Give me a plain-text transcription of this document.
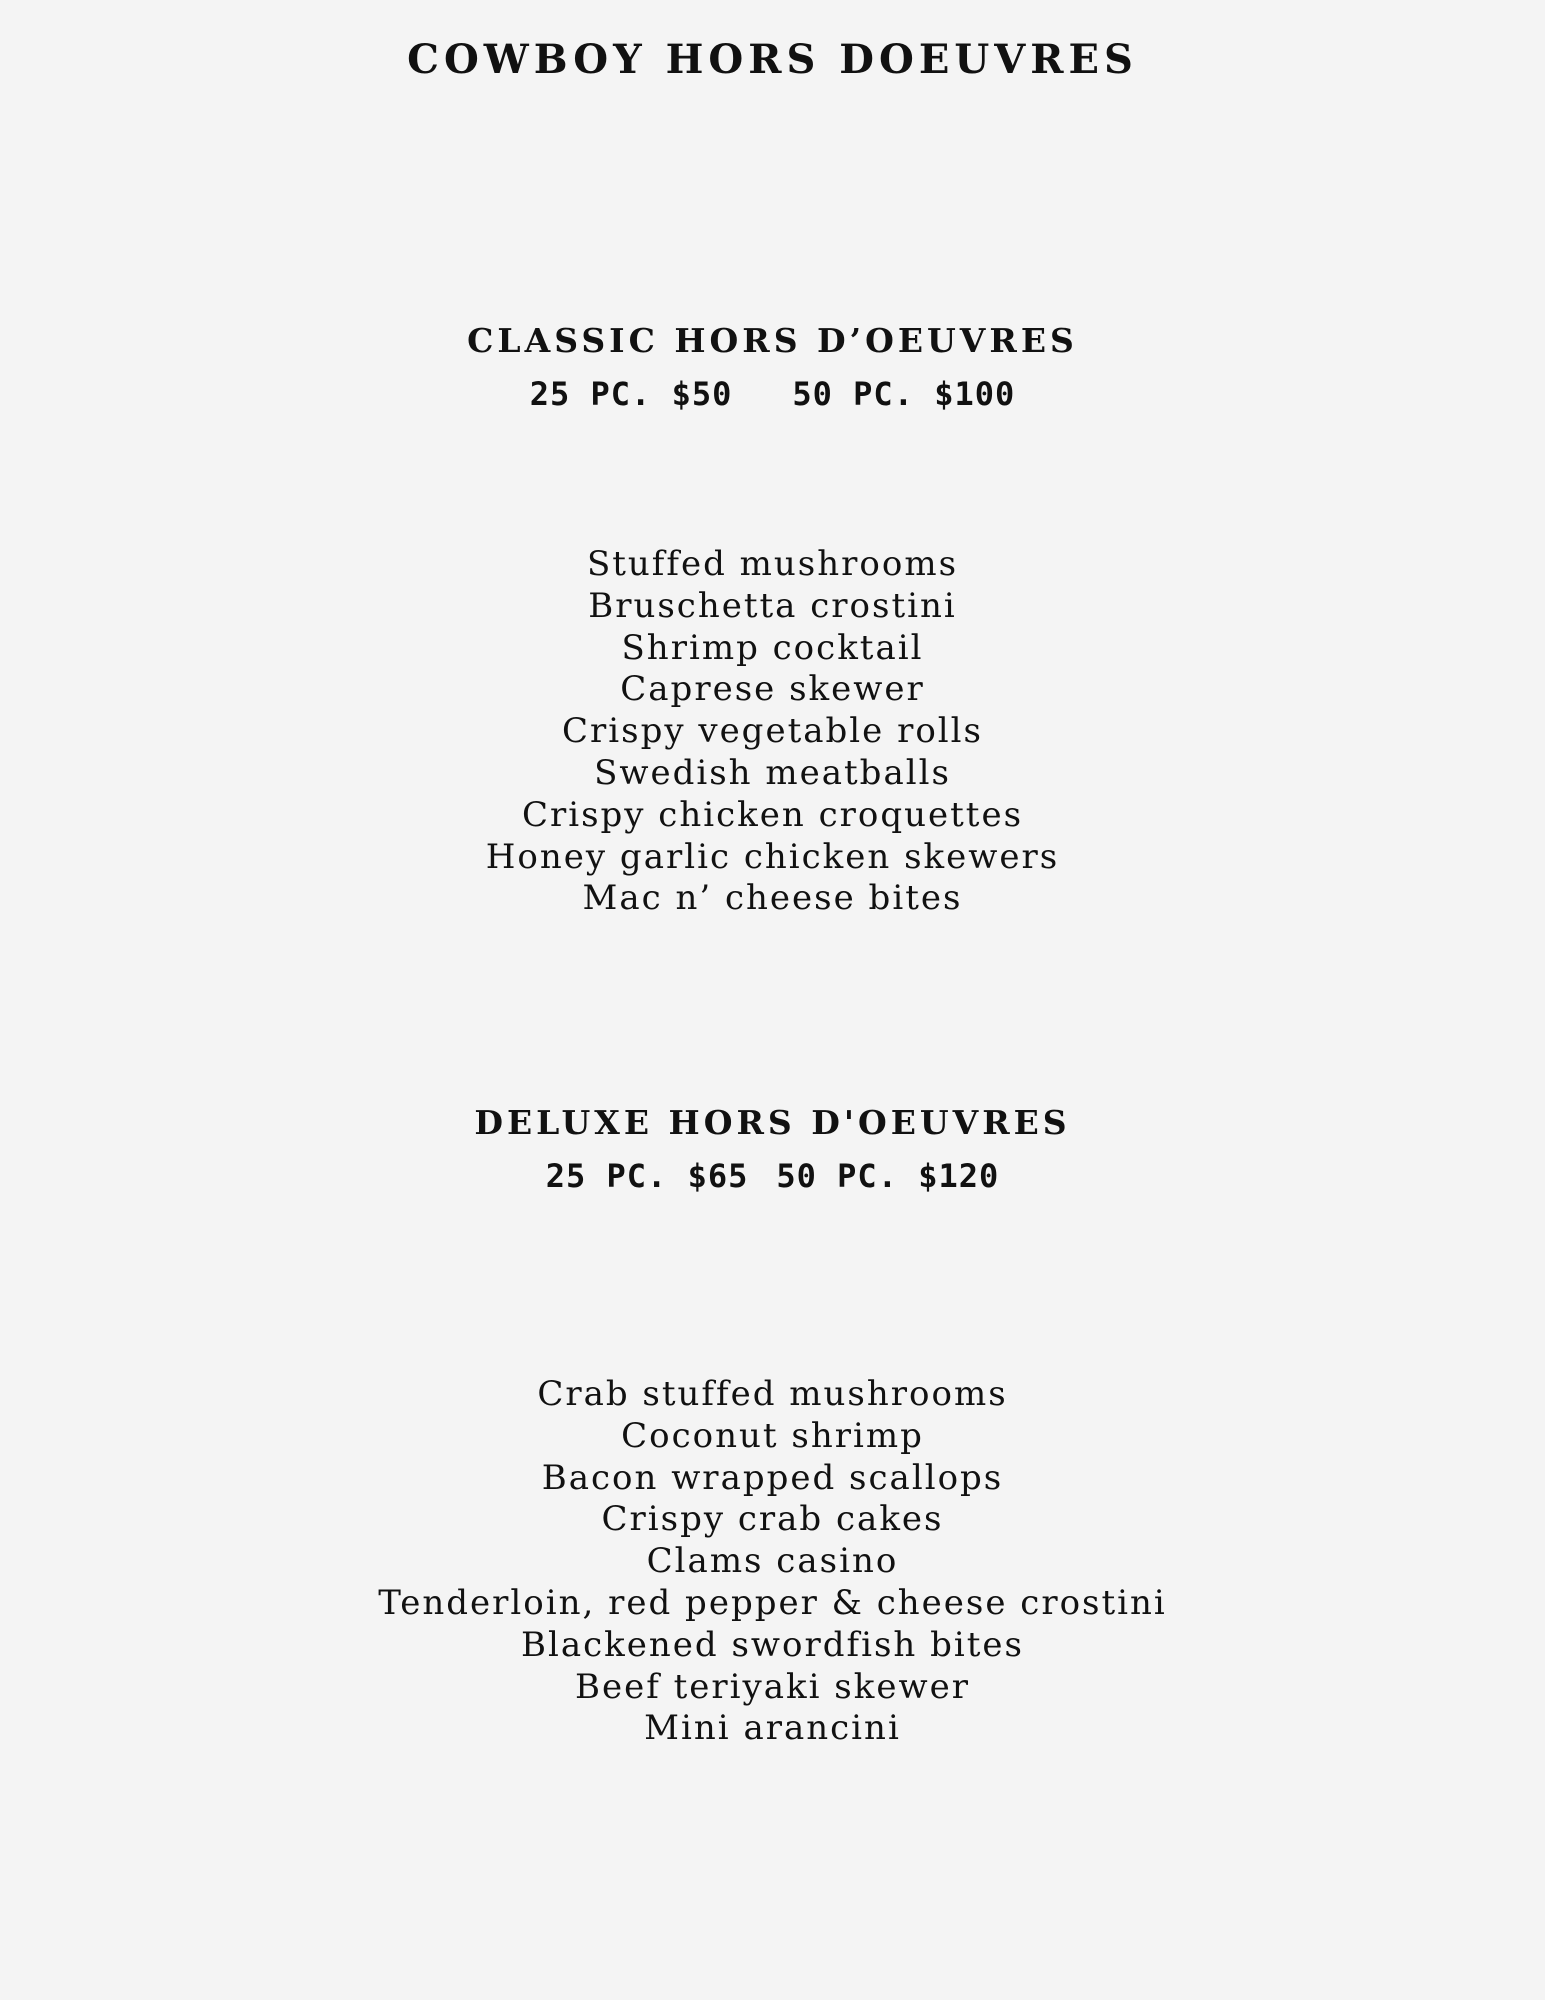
COWBOY HORS DOEUVRES
CLASSIC HORS D’OEUVRES
25 PC. $50 50 PC. $100
Stuffed mushrooms
Bruschetta crostini
Shrimp cocktail
Caprese skewer
Crispy vegetable rolls
Swedish meatballs
Crispy chicken croquettes
Honey garlic chicken skewers
Mac n’ cheese bites
DELUXE HORS D'OEUVRES
25 PC. $65 50 PC. $120
Crab stuffed mushrooms
Coconut shrimp
Bacon wrapped scallops
Crispy crab cakes
Clams casino
Tenderloin, red pepper & cheese crostini
Blackened swordfish bites
Beef teriyaki skewer
Mini arancini
